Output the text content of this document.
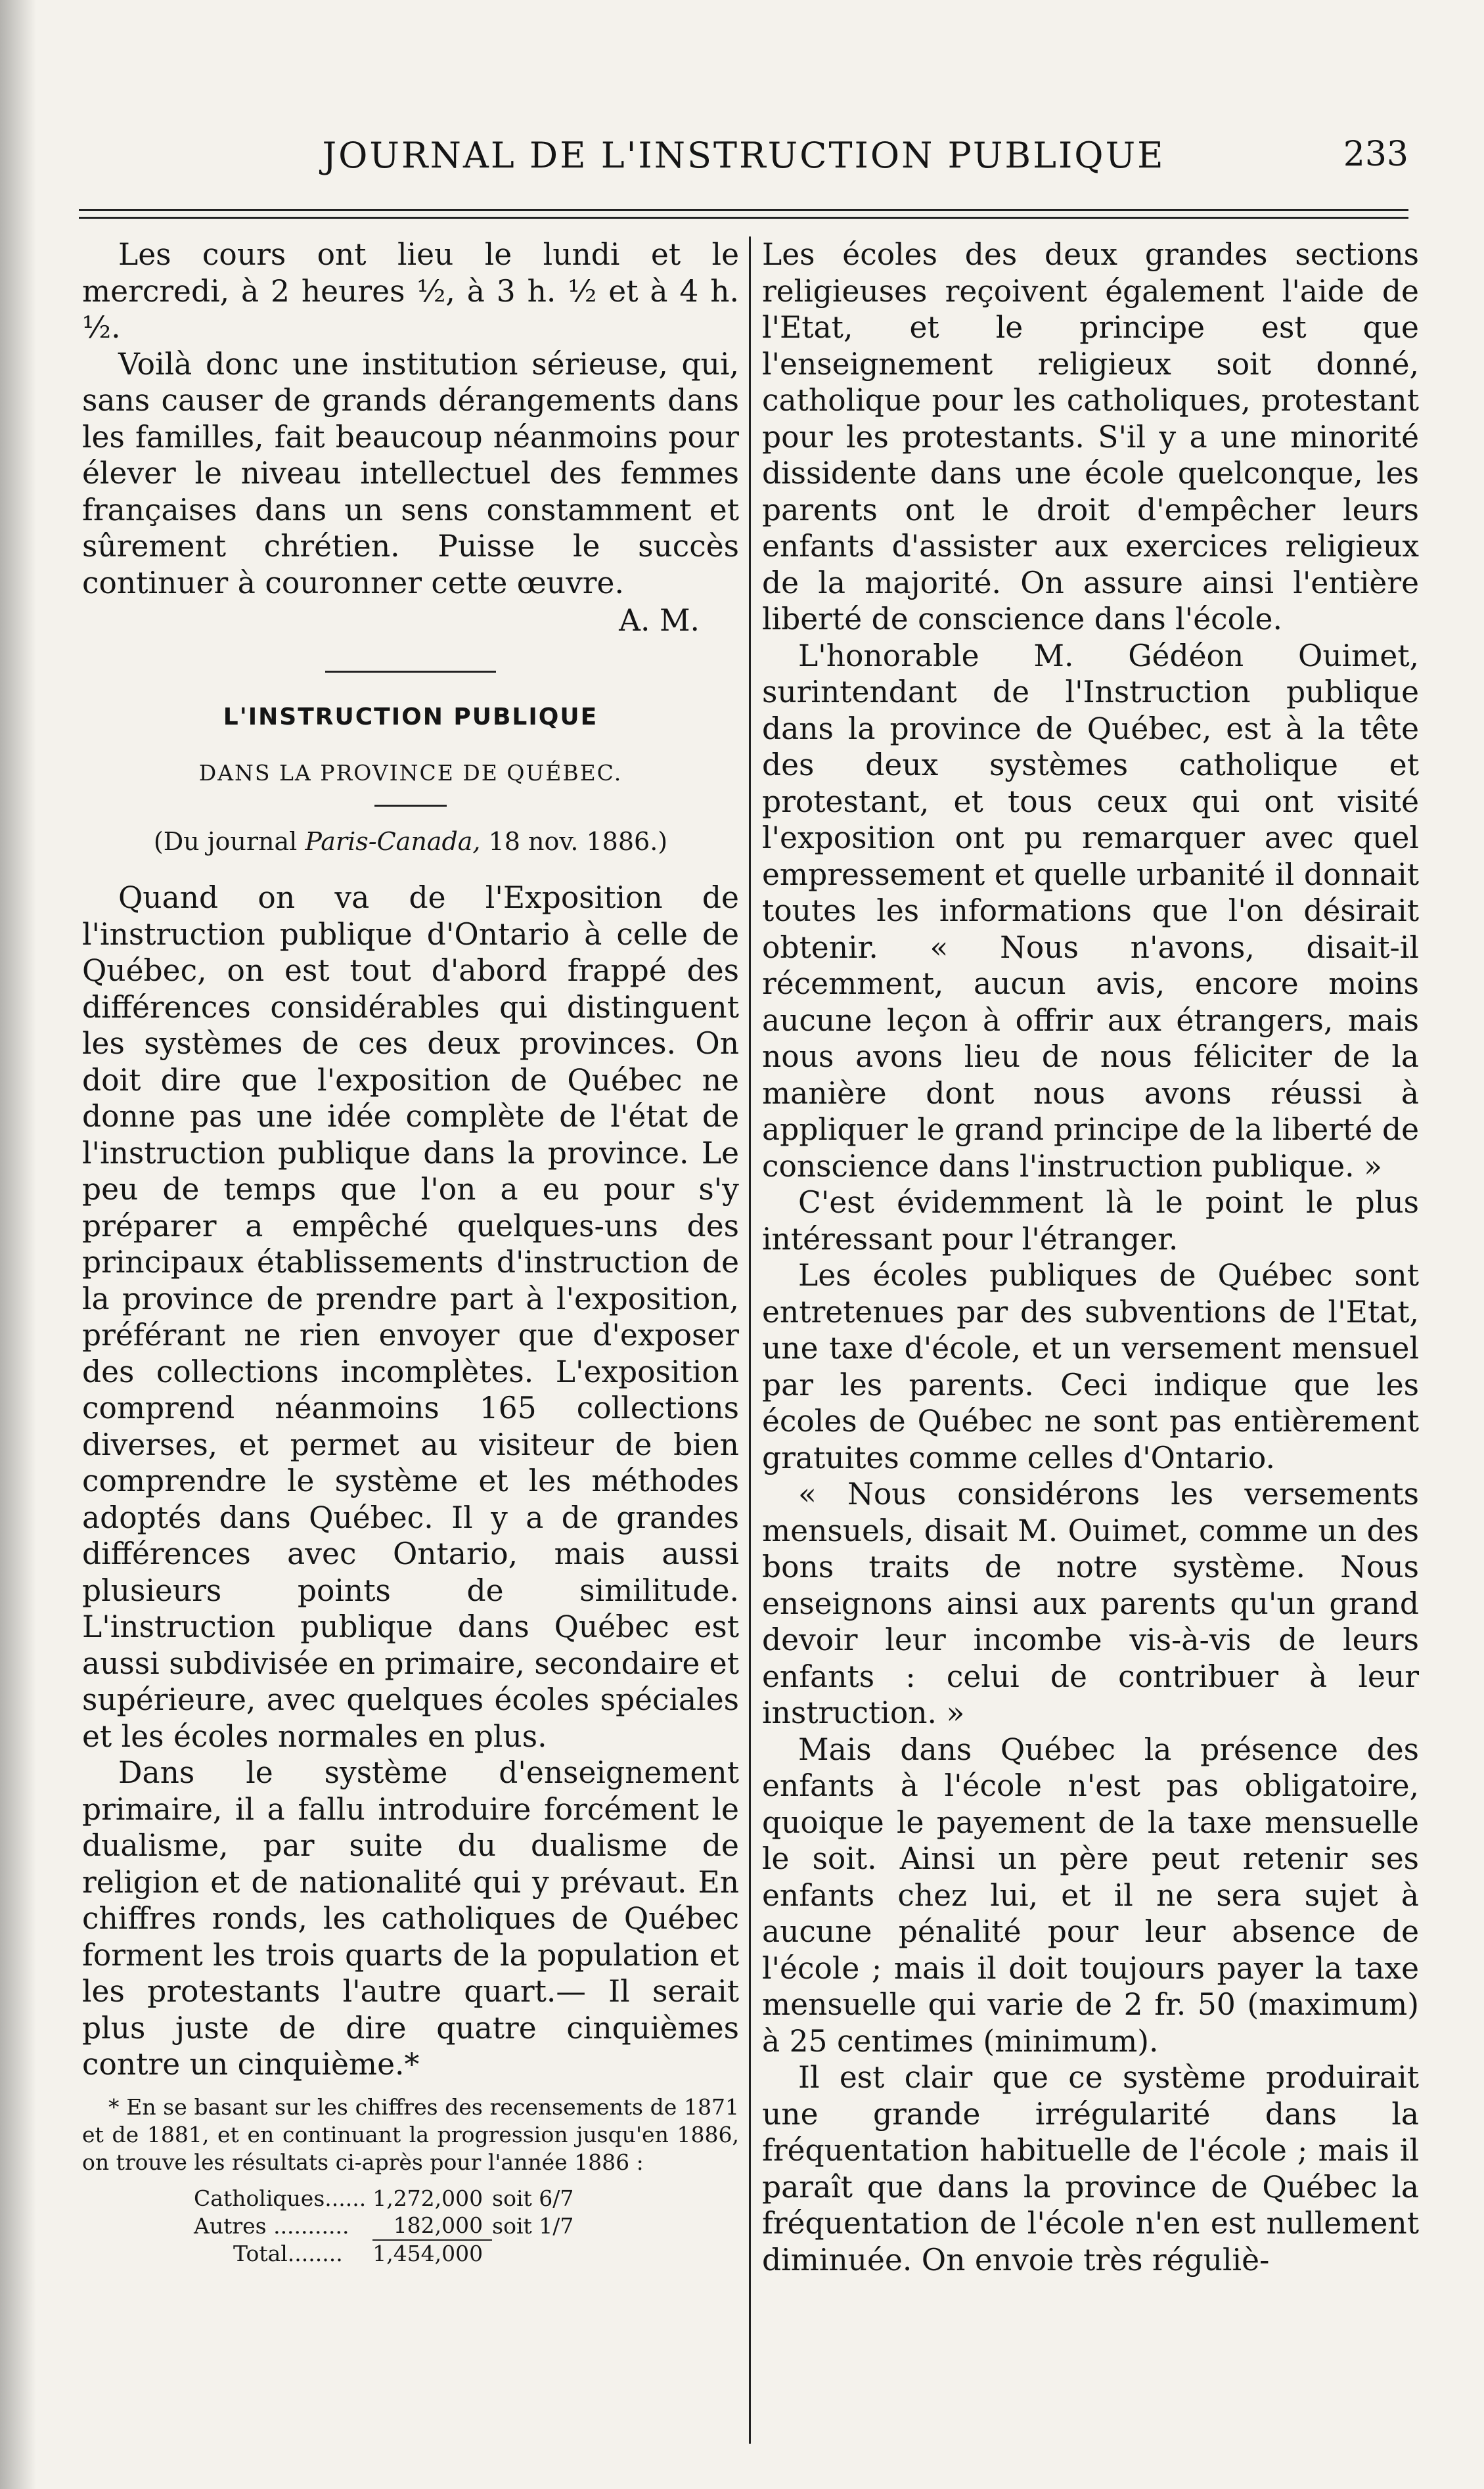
JOURNAL DE L'INSTRUCTION PUBLIQUE	233

Les cours ont lieu le lundi et le mercredi, à 2 heures ½, à 3 h. ½ et à 4 h. ½.

Voilà donc une institution sérieuse, qui, sans causer de grands dérangements dans les familles, fait beaucoup néanmoins pour élever le niveau intellectuel des femmes françaises dans un sens constamment et sûrement chrétien. Puisse le succès continuer à couronner cette œuvre.

A. M.

L'INSTRUCTION PUBLIQUE

DANS LA PROVINCE DE QUÉBEC.

(Du journal Paris-Canada, 18 nov. 1886.)

Quand on va de l'Exposition de l'instruction publique d'Ontario à celle de Québec, on est tout d'abord frappé des différences considérables qui distinguent les systèmes de ces deux provinces. On doit dire que l'exposition de Québec ne donne pas une idée complète de l'état de l'instruction publique dans la province. Le peu de temps que l'on a eu pour s'y préparer a empêché quelques-uns des principaux établissements d'instruction de la province de prendre part à l'exposition, préférant ne rien envoyer que d'exposer des collections incomplètes. L'exposition comprend néanmoins 165 collections diverses, et permet au visiteur de bien comprendre le système et les méthodes adoptés dans Québec. Il y a de grandes différences avec Ontario, mais aussi plusieurs points de similitude. L'instruction publique dans Québec est aussi subdivisée en primaire, secondaire et supérieure, avec quelques écoles spéciales et les écoles normales en plus.

Dans le système d'enseignement primaire, il a fallu introduire forcément le dualisme, par suite du dualisme de religion et de nationalité qui y prévaut. En chiffres ronds, les catholiques de Québec forment les trois quarts de la population et les protestants l'autre quart.— Il serait plus juste de dire quatre cinquièmes contre un cinquième.*

* En se basant sur les chiffres des recensements de 1871 et de 1881, et en continuant la progression jusqu'en 1886, on trouve les résultats ci-après pour l'année 1886 :

Catholiques......	1,272,000	soit 6/7
Autres ...........	182,000	soit 1/7
Total........	1,454,000	

Les écoles des deux grandes sections religieuses reçoivent également l'aide de l'Etat, et le principe est que l'enseignement religieux soit donné, catholique pour les catholiques, protestant pour les protestants. S'il y a une minorité dissidente dans une école quelconque, les parents ont le droit d'empêcher leurs enfants d'assister aux exercices religieux de la majorité. On assure ainsi l'entière liberté de conscience dans l'école.

L'honorable M. Gédéon Ouimet, surintendant de l'Instruction publique dans la province de Québec, est à la tête des deux systèmes catholique et protestant, et tous ceux qui ont visité l'exposition ont pu remarquer avec quel empressement et quelle urbanité il donnait toutes les informations que l'on désirait obtenir. « Nous n'avons, disait-il récemment, aucun avis, encore moins aucune leçon à offrir aux étrangers, mais nous avons lieu de nous féliciter de la manière dont nous avons réussi à appliquer le grand principe de la liberté de conscience dans l'instruction publique. »

C'est évidemment là le point le plus intéressant pour l'étranger.

Les écoles publiques de Québec sont entretenues par des subventions de l'Etat, une taxe d'école, et un versement mensuel par les parents. Ceci indique que les écoles de Québec ne sont pas entièrement gratuites comme celles d'Ontario.

« Nous considérons les versements mensuels, disait M. Ouimet, comme un des bons traits de notre système. Nous enseignons ainsi aux parents qu'un grand devoir leur incombe vis-à-vis de leurs enfants : celui de contribuer à leur instruction. »

Mais dans Québec la présence des enfants à l'école n'est pas obligatoire, quoique le payement de la taxe mensuelle le soit. Ainsi un père peut retenir ses enfants chez lui, et il ne sera sujet à aucune pénalité pour leur absence de l'école ; mais il doit toujours payer la taxe mensuelle qui varie de 2 fr. 50 (maximum) à 25 centimes (minimum).

Il est clair que ce système produirait une grande irrégularité dans la fréquentation habituelle de l'école ; mais il paraît que dans la province de Québec la fréquentation de l'école n'en est nullement diminuée. On envoie très réguliè-
